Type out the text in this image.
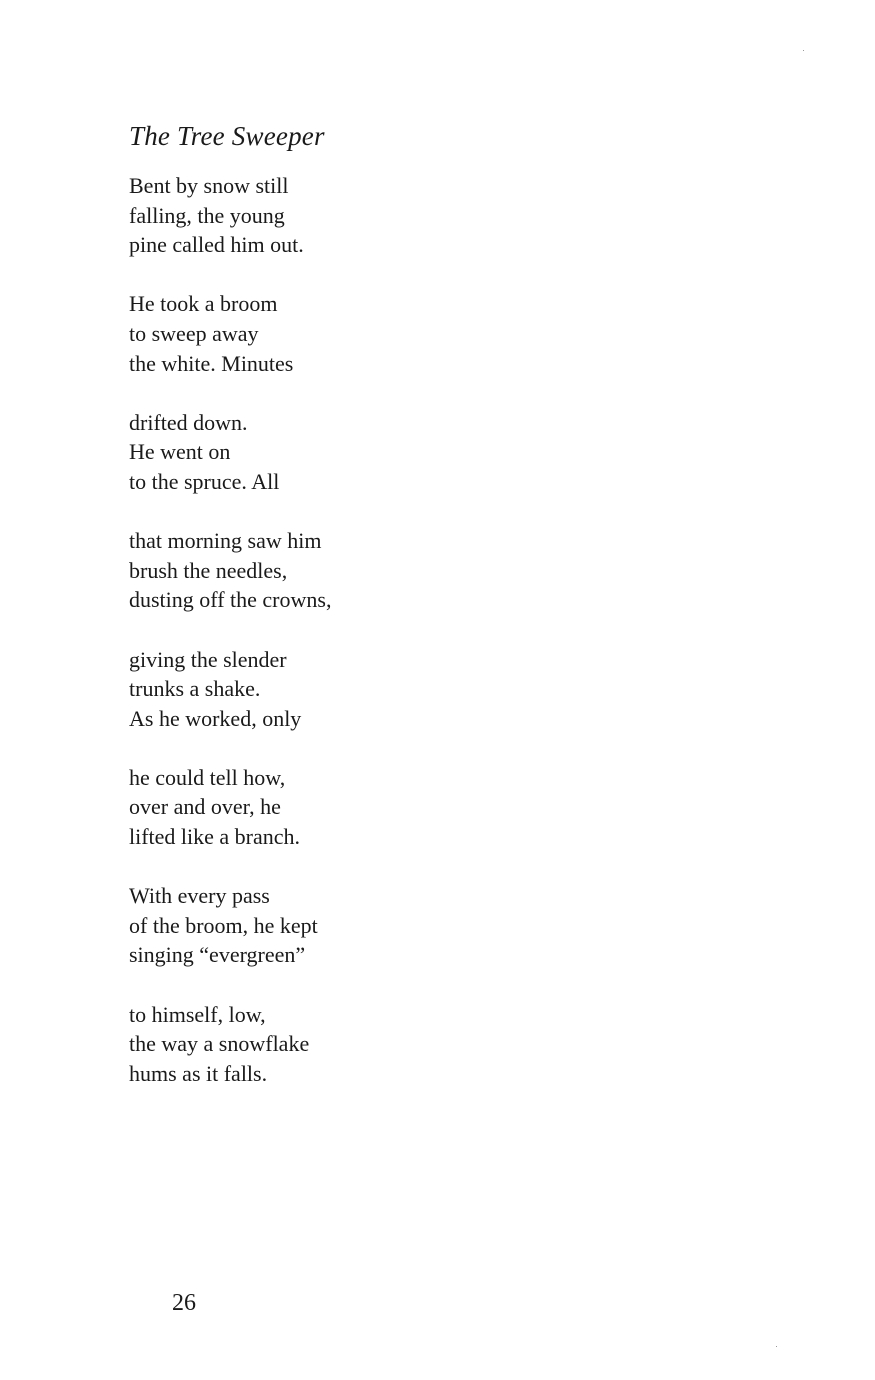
The Tree Sweeper

Bent by snow still
falling, the young
pine called him out.

He took a broom
to sweep away
the white. Minutes

drifted down.
He went on
to the spruce. All

that morning saw him
brush the needles,
dusting off the crowns,

giving the slender
trunks a shake.
As he worked, only

he could tell how,
over and over, he
lifted like a branch.

With every pass
of the broom, he kept
singing “evergreen”

to himself, low,
the way a snowflake
hums as it falls.

26
